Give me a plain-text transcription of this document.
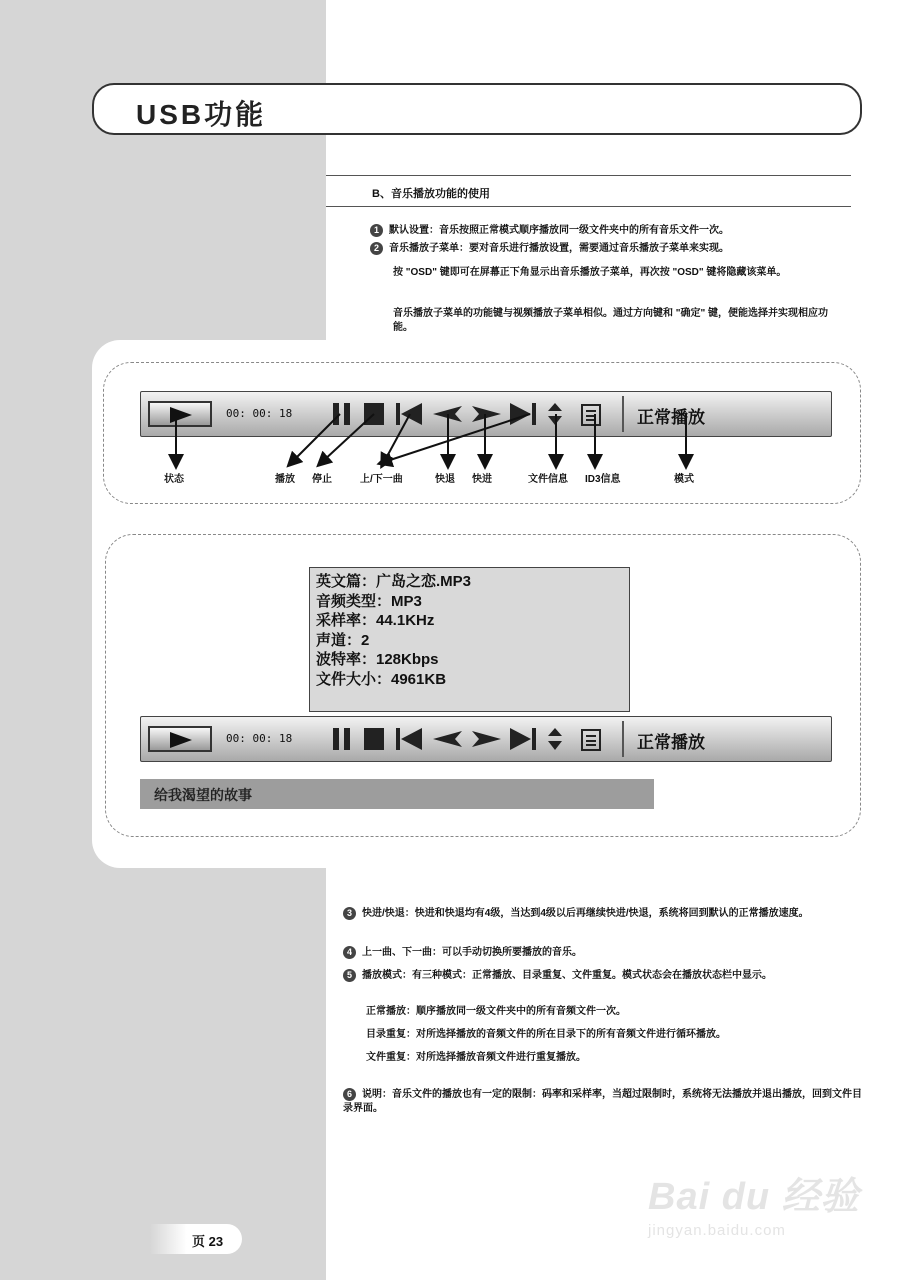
USB功能
B、音乐播放功能的使用
1 默认设置：音乐按照正常模式顺序播放同一级文件夹中的所有音乐文件一次。
2 音乐播放子菜单：要对音乐进行播放设置，需要通过音乐播放子菜单来实现。
按 "OSD" 键即可在屏幕正下角显示出音乐播放子菜单，再次按 "OSD" 键将隐藏该菜单。
音乐播放子菜单的功能键与视频播放子菜单相似。通过方向键和 "确定" 键，便能选择并实现相应功能。
00: 00: 18	正常播放
状态	播放 停止	上/下一曲	快退 快进	文件信息 ID3信息	模式
英文篇：广岛之恋.MP3
音频类型：MP3
采样率：44.1KHz
声道：2
波特率：128Kbps
文件大小：4961KB
00: 00: 18	正常播放
给我渴望的故事
3 快进/快退：快进和快退均有4级，当达到4级以后再继续快进/快退，系统将回到默认的正常播放速度。
4 上一曲、下一曲：可以手动切换所要播放的音乐。
5 播放模式：有三种模式：正常播放、目录重复、文件重复。模式状态会在播放状态栏中显示。
正常播放：顺序播放同一级文件夹中的所有音频文件一次。
目录重复：对所选择播放的音频文件的所在目录下的所有音频文件进行循环播放。
文件重复：对所选择播放音频文件进行重复播放。
6 说明：音乐文件的播放也有一定的限制：码率和采样率，当超过限制时，系统将无法播放并退出播放，回到文件目录界面。
页 23
Bai du 经验
jingyan.baidu.com
